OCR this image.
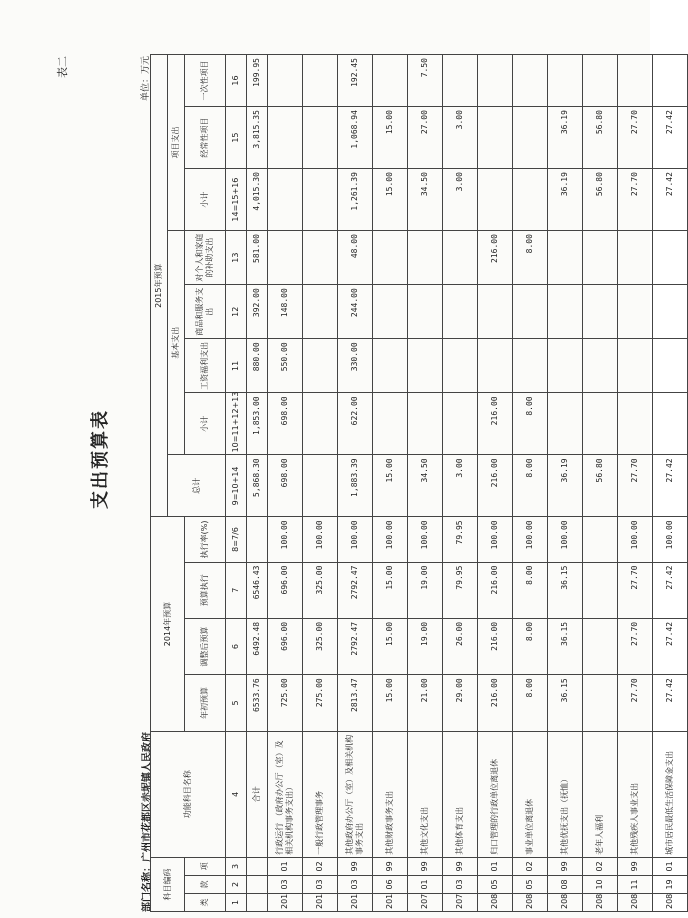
表二
支出预算表
部门名称：广州市花都区赤坭镇人民政府
单位：万元
科目编码			功能科目名称	2014年预算				2015年预算							
								总计	基本支出				项目支出		
类	款	项							小计	工资福利支出	商品和服务支出	对个人和家庭的补助支出	小计	经常性项目	一次性项目
				年初预算	调整后预算	预算执行	执行率(%)								
1	2	3	4	5	6	7	8=7/6	9=10+14	10=11+12+13	11	12	13	14=15+16	15	16
			合计	6533.76	6492.48	6546.43		5,868.30	1,853.00	880.00	392.00	581.00	4,015.30	3,815.35	199.95
201	03	01	行政运行 （政府办公厅（室）及相关机构事务支出）	725.00	696.00	696.00	100.00	698.00	698.00	550.00	148.00				
201	03	02	一般行政管理事务	275.00	325.00	325.00	100.00								
201	03	99	其他政府办公厅（室）及相关机构事务支出	2813.47	2792.47	2792.47	100.00	1,883.39	622.00	330.00	244.00	48.00	1,261.39	1,068.94	192.45
201	06	99	其他财政事务支出	15.00	15.00	15.00	100.00	15.00					15.00	15.00	
207	01	99	其他文化支出	21.00	19.00	19.00	100.00	34.50					34.50	27.00	7.50
207	03	99	其他体育支出	29.00	26.00	79.95	79.95	3.00					3.00	3.00	
208	05	01	归口管理的行政单位离退休	216.00	216.00	216.00	100.00	216.00	216.00			216.00			
208	05	02	事业单位离退休	8.00	8.00	8.00	100.00	8.00	8.00			8.00			
208	08	99	其他优抚支出（抚恤）	36.15	36.15	36.15	100.00	36.19					36.19	36.19	
208	10	02	老年人福利					56.80					56.80	56.80	
208	11	99	其他残疾人事业支出	27.70	27.70	27.70	100.00	27.70					27.70	27.70	
208	19	01	城市居民最低生活保障金支出	27.42	27.42	27.42	100.00	27.42					27.42	27.42	
